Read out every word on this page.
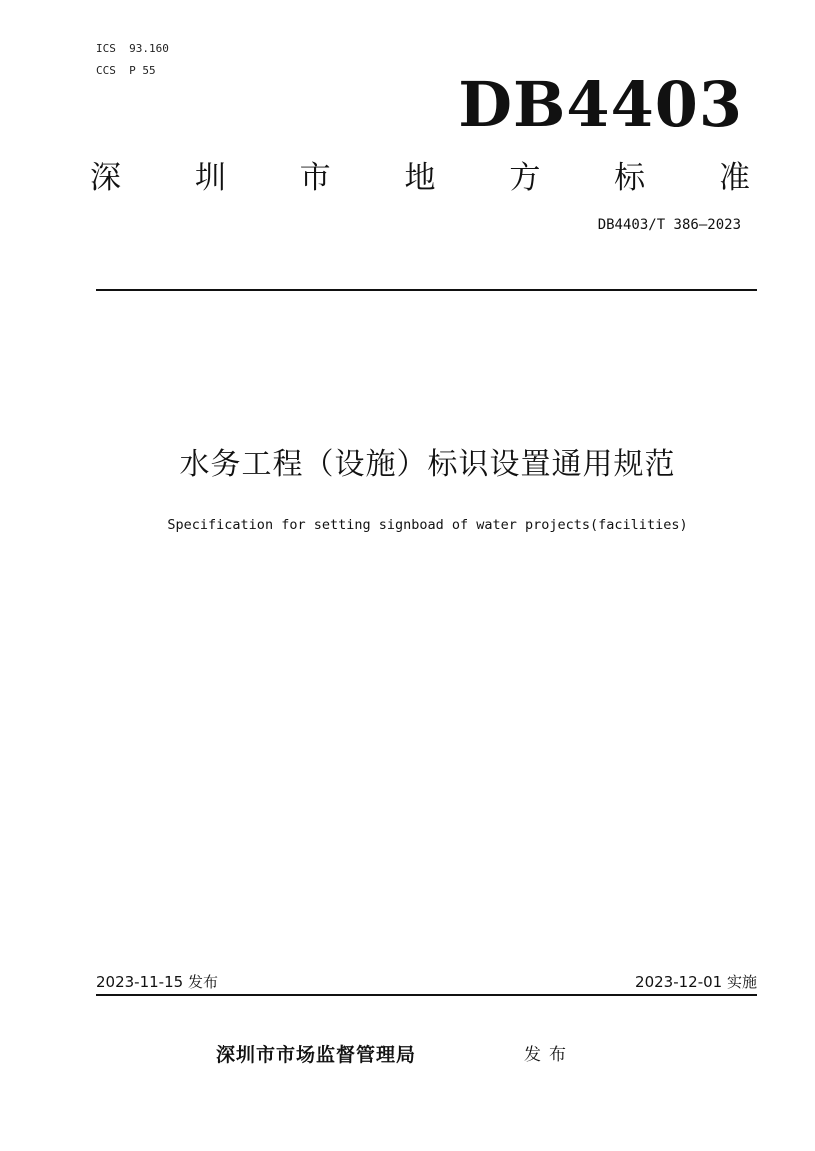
ICS  93.160
CCS  P 55	DB4403
深 圳 市 地 方 标 准
DB4403/T 386—2023
水务工程（设施）标识设置通用规范
Specification for setting signboad of water projects(facilities)
2023-11-15 发布	2023-12-01 实施
深圳市市场监督管理局	发布
